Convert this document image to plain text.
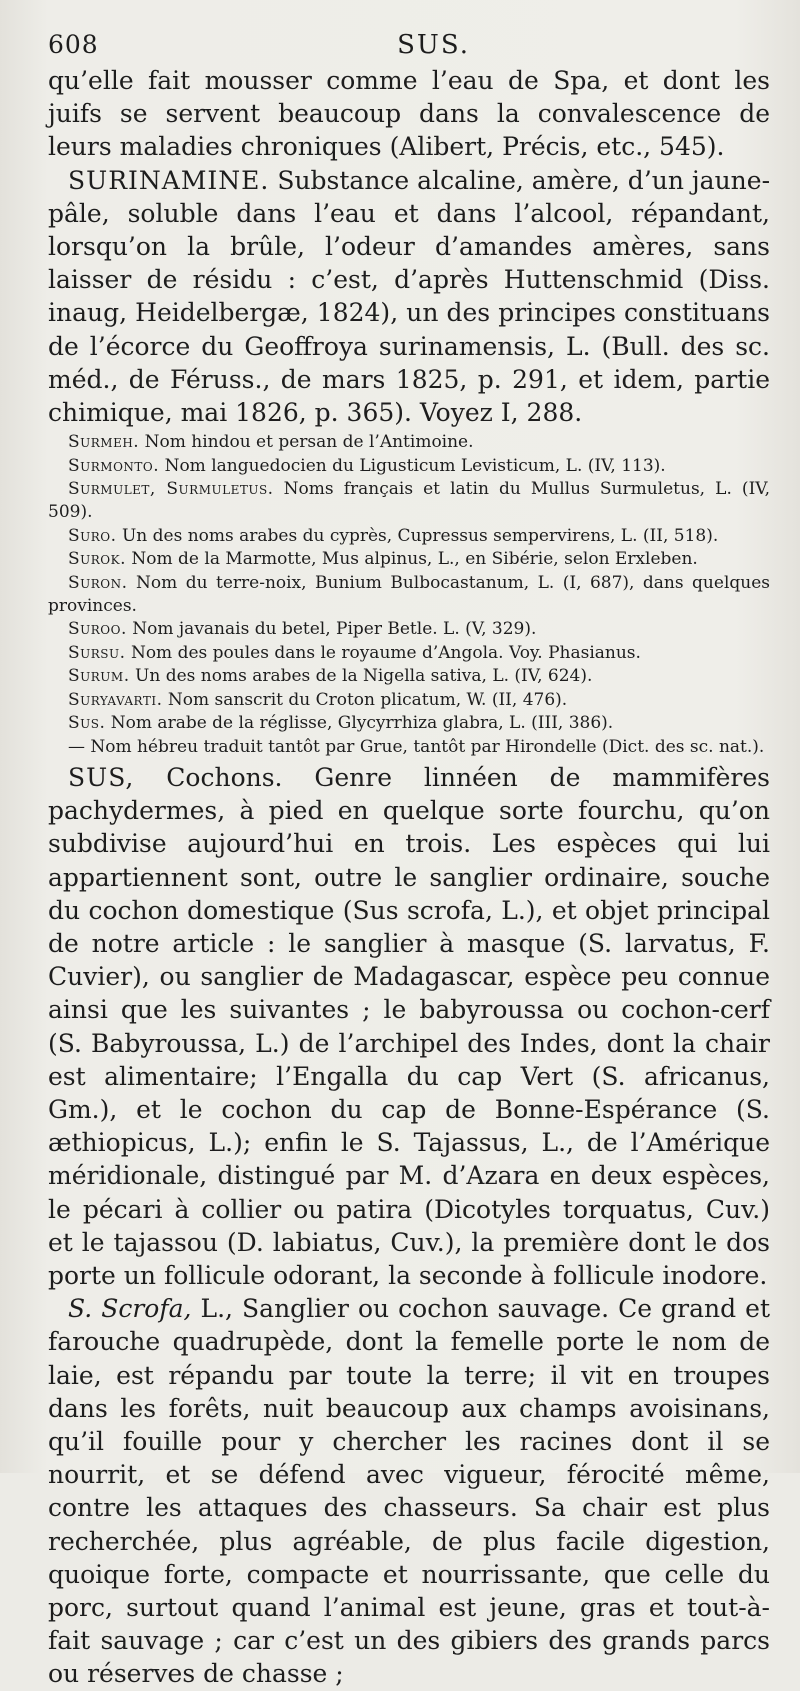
608	SUS.

qu’elle fait mousser comme l’eau de Spa, et dont les juifs se servent beaucoup dans la convalescence de leurs maladies chroniques (Alibert, Précis, etc., 545).

SURINAMINE. Substance alcaline, amère, d’un jaune-pâle, soluble dans l’eau et dans l’alcool, répandant, lorsqu’on la brûle, l’odeur d’amandes amères, sans laisser de résidu : c’est, d’après Huttenschmid (Diss. inaug, Heidelbergæ, 1824), un des principes constituans de l’écorce du Geoffroya surinamensis, L. (Bull. des sc. méd., de Féruss., de mars 1825, p. 291, et idem, partie chimique, mai 1826, p. 365). Voyez I, 288.

Surmeh. Nom hindou et persan de l’Antimoine.

Surmonto. Nom languedocien du Ligusticum Levisticum, L. (IV, 113).

Surmulet, Surmuletus. Noms français et latin du Mullus Surmuletus, L. (IV, 509).

Suro. Un des noms arabes du cyprès, Cupressus sempervirens, L. (II, 518).

Surok. Nom de la Marmotte, Mus alpinus, L., en Sibérie, selon Erxleben.

Suron. Nom du terre-noix, Bunium Bulbocastanum, L. (I, 687), dans quelques provinces.

Suroo. Nom javanais du betel, Piper Betle. L. (V, 329).

Sursu. Nom des poules dans le royaume d’Angola. Voy. Phasianus.

Surum. Un des noms arabes de la Nigella sativa, L. (IV, 624).

Suryavarti. Nom sanscrit du Croton plicatum, W. (II, 476).

Sus. Nom arabe de la réglisse, Glycyrrhiza glabra, L. (III, 386).

— Nom hébreu traduit tantôt par Grue, tantôt par Hirondelle (Dict. des sc. nat.).

SUS, Cochons. Genre linnéen de mammifères pachydermes, à pied en quelque sorte fourchu, qu’on subdivise aujourd’hui en trois. Les espèces qui lui appartiennent sont, outre le sanglier ordinaire, souche du cochon domestique (Sus scrofa, L.), et objet principal de notre article : le sanglier à masque (S. larvatus, F. Cuvier), ou sanglier de Madagascar, espèce peu connue ainsi que les suivantes ; le babyroussa ou cochon-cerf (S. Babyroussa, L.) de l’archipel des Indes, dont la chair est alimentaire; l’Engalla du cap Vert (S. africanus, Gm.), et le cochon du cap de Bonne-Espérance (S. æthiopicus, L.); enfin le S. Tajassus, L., de l’Amérique méridionale, distingué par M. d’Azara en deux espèces, le pécari à collier ou patira (Dicotyles torquatus, Cuv.) et le tajassou (D. labiatus, Cuv.), la première dont le dos porte un follicule odorant, la seconde à follicule inodore.

S. Scrofa, L., Sanglier ou cochon sauvage. Ce grand et farouche quadrupède, dont la femelle porte le nom de laie, est répandu par toute la terre; il vit en troupes dans les forêts, nuit beaucoup aux champs avoisinans, qu’il fouille pour y chercher les racines dont il se nourrit, et se défend avec vigueur, férocité même, contre les attaques des chasseurs. Sa chair est plus recherchée, plus agréable, de plus facile digestion, quoique forte, compacte et nourrissante, que celle du porc, surtout quand l’animal est jeune, gras et tout-à-fait sauvage ; car c’est un des gibiers des grands parcs ou réserves de chasse ;
